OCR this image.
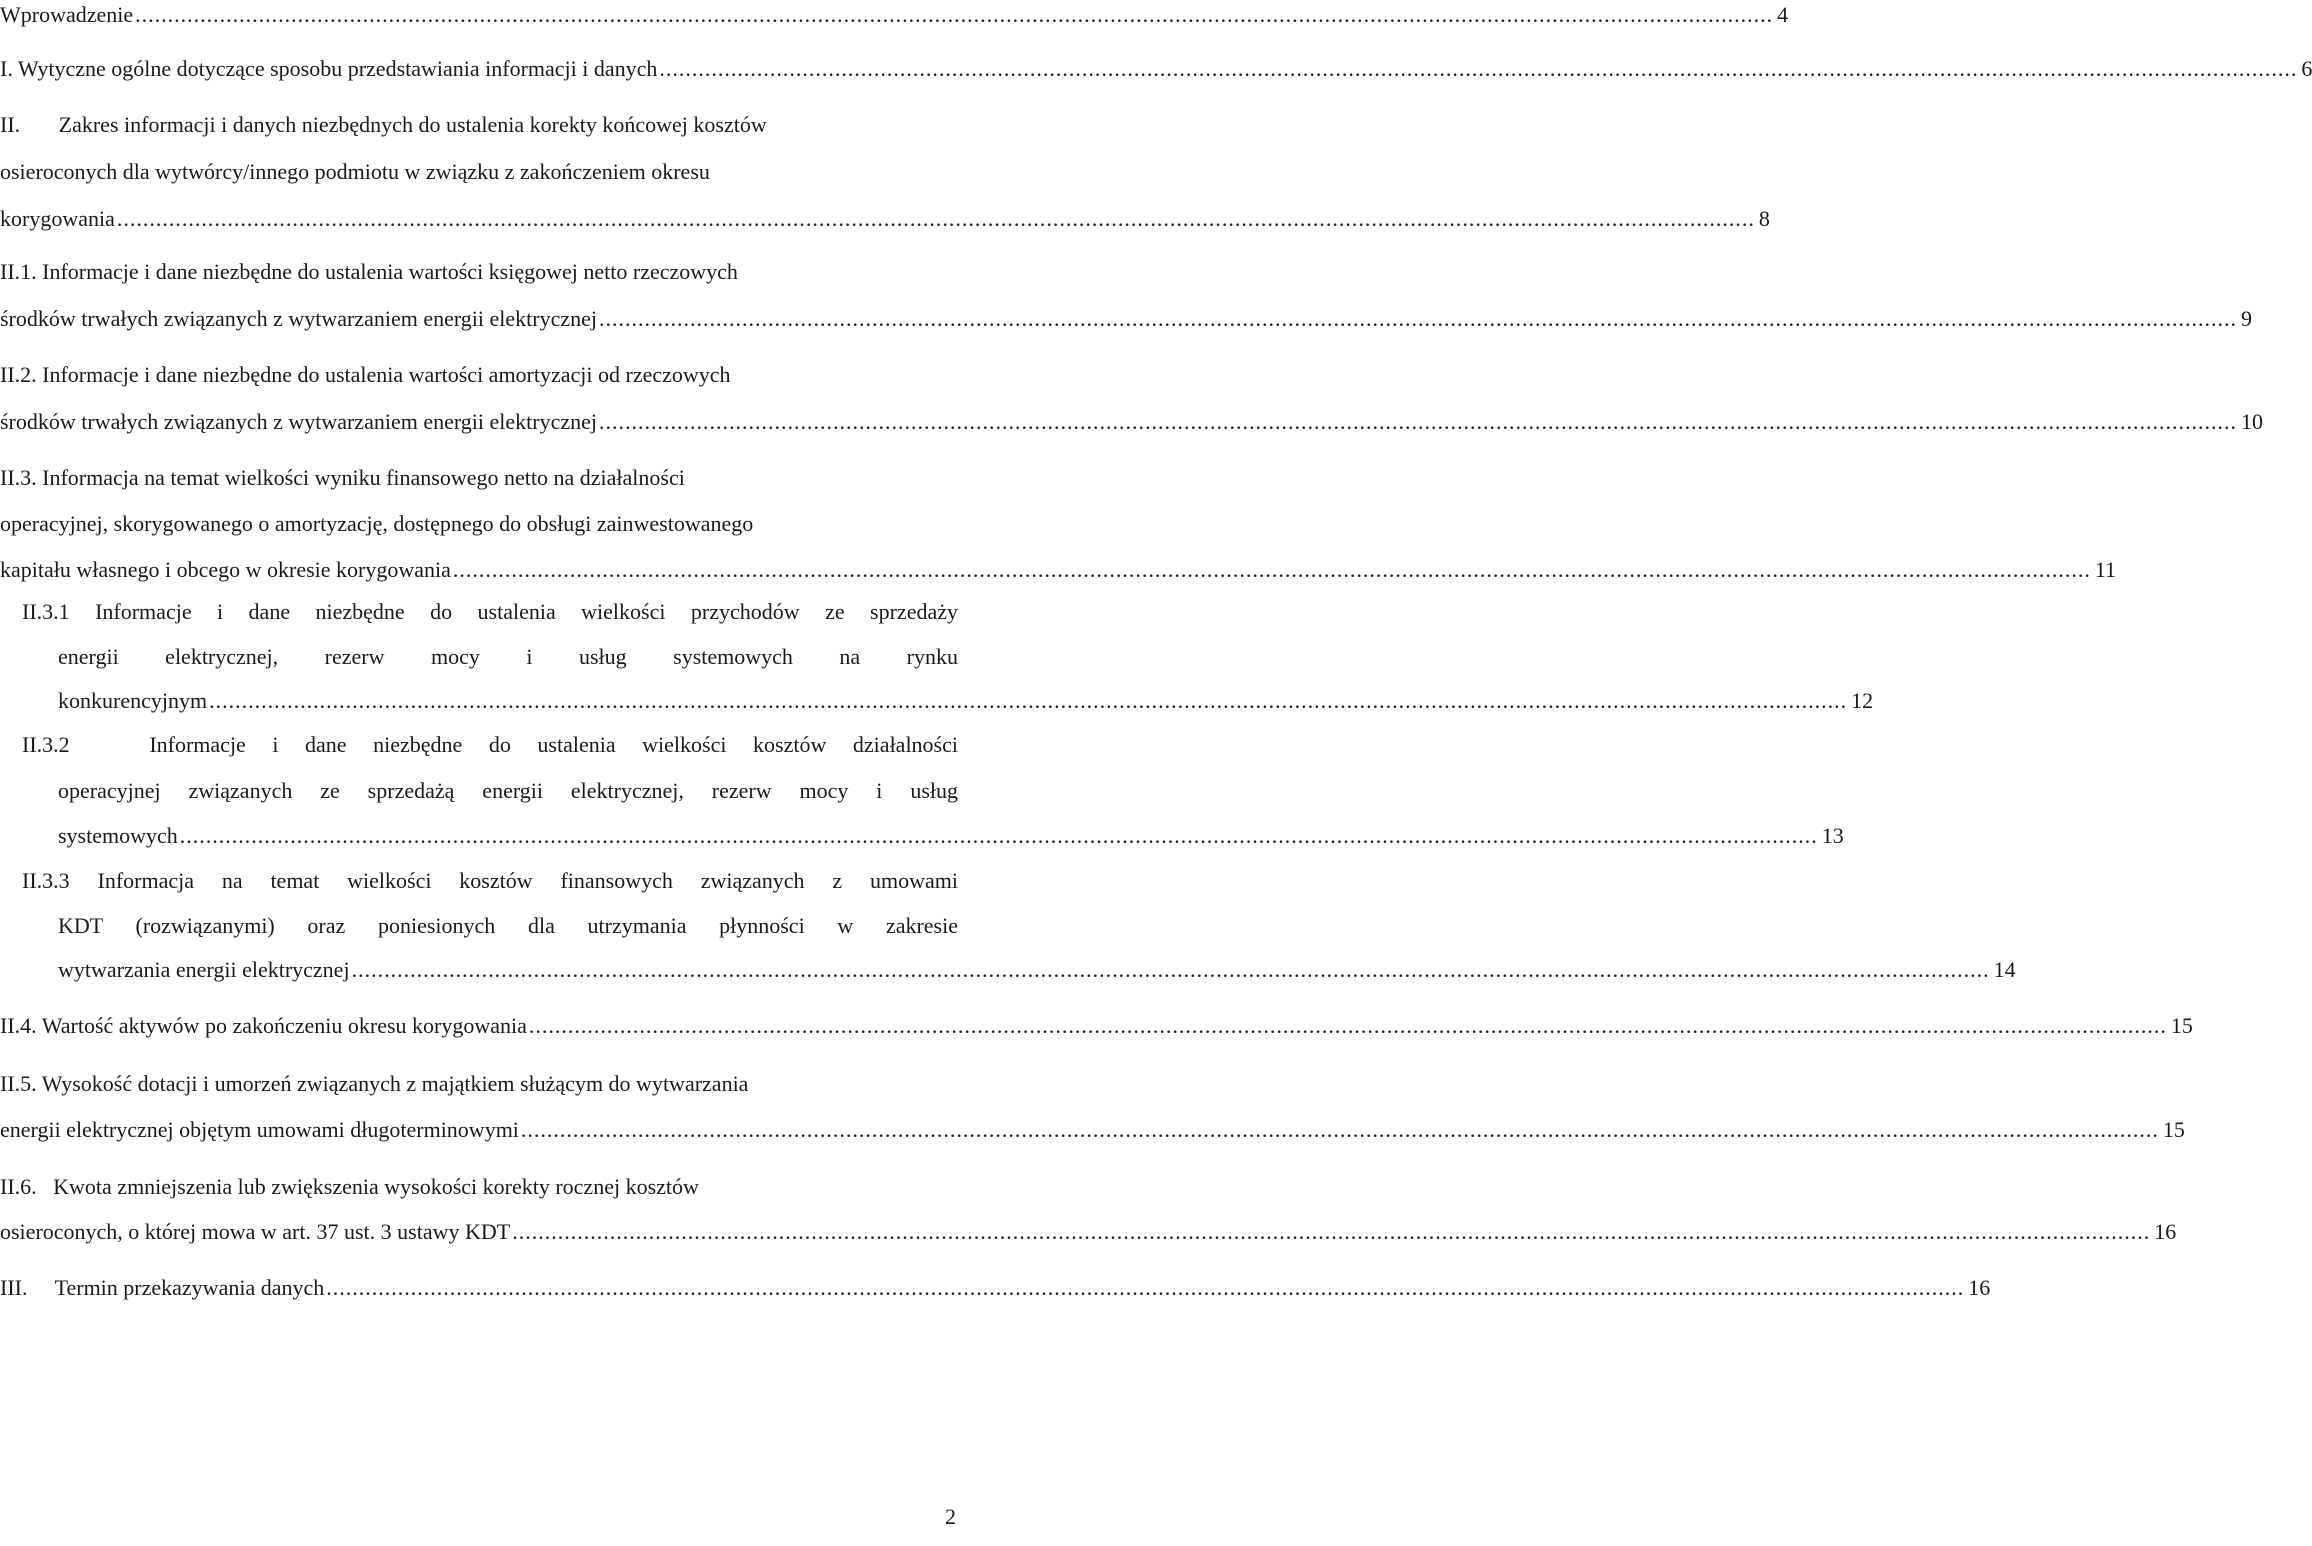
Wprowadzenie ............................................................................................................................................................................................................................................................ 4
I. Wytyczne ogólne dotyczące sposobu przedstawiania informacji i danych ............................................................................................................................................................................................................................................................ 6
II.       Zakres informacji i danych niezbędnych do ustalenia korekty końcowej kosztów
osieroconych dla wytwórcy/innego podmiotu w związku z zakończeniem okresu
korygowania ............................................................................................................................................................................................................................................................ 8
II.1. Informacje i dane niezbędne do ustalenia wartości księgowej netto rzeczowych
środków trwałych związanych z wytwarzaniem energii elektrycznej ............................................................................................................................................................................................................................................................ 9
II.2. Informacje i dane niezbędne do ustalenia wartości amortyzacji od rzeczowych
środków trwałych związanych z wytwarzaniem energii elektrycznej ............................................................................................................................................................................................................................................................ 10
II.3. Informacja na temat wielkości wyniku finansowego netto na działalności
operacyjnej, skorygowanego o amortyzację, dostępnego do obsługi zainwestowanego
kapitału własnego i obcego w okresie korygowania ............................................................................................................................................................................................................................................................ 11
II.3.1 Informacje i dane niezbędne do ustalenia wielkości przychodów ze sprzedaży
energii elektrycznej, rezerw mocy i usług systemowych na rynku
konkurencyjnym ............................................................................................................................................................................................................................................................ 12
II.3.2   Informacje i dane niezbędne do ustalenia wielkości kosztów działalności
operacyjnej związanych ze sprzedażą energii elektrycznej, rezerw mocy i usług
systemowych ............................................................................................................................................................................................................................................................ 13
II.3.3 Informacja na temat wielkości kosztów finansowych związanych z umowami
KDT (rozwiązanymi) oraz poniesionych dla utrzymania płynności w zakresie
wytwarzania energii elektrycznej ............................................................................................................................................................................................................................................................ 14
II.4. Wartość aktywów po zakończeniu okresu korygowania ............................................................................................................................................................................................................................................................ 15
II.5. Wysokość dotacji i umorzeń związanych z majątkiem służącym do wytwarzania
energii elektrycznej objętym umowami długoterminowymi ............................................................................................................................................................................................................................................................ 15
II.6.   Kwota zmniejszenia lub zwiększenia wysokości korekty rocznej kosztów
osieroconych, o której mowa w art. 37 ust. 3 ustawy KDT ............................................................................................................................................................................................................................................................ 16
III.     Termin przekazywania danych ............................................................................................................................................................................................................................................................ 16
2
